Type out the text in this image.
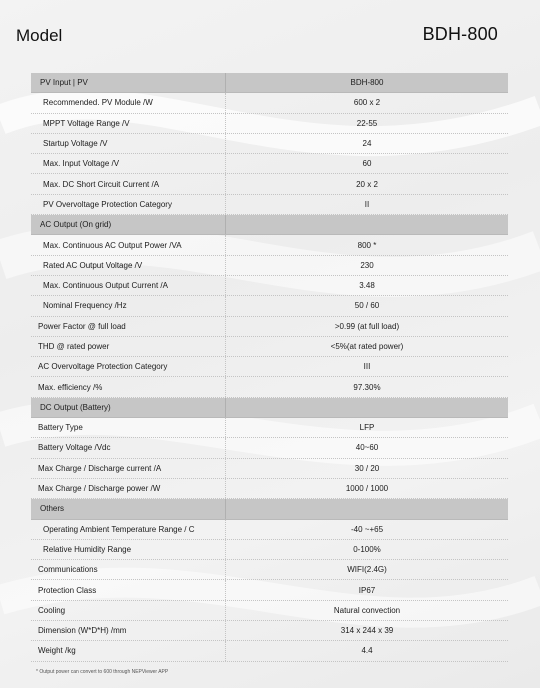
Model	BDH-800
PV Input | PV	BDH-800
Recommended. PV Module /W	600 x 2
MPPT Voltage Range /V	22-55
Startup Voltage /V	24
Max. Input Voltage /V	60
Max. DC Short Circuit Current /A	20 x 2
PV Overvoltage Protection Category	II
AC Output (On grid)
Max. Continuous AC Output Power /VA	800 *
Rated AC Output Voltage /V	230
Max. Continuous Output Current /A	3.48
Nominal Frequency /Hz	50 / 60
Power Factor @ full load	>0.99 (at full load)
THD @ rated power	<5%(at rated power)
AC Overvoltage Protection Category	III
Max. efficiency /%	97.30%
DC Output (Battery)
Battery Type	LFP
Battery Voltage /Vdc	40~60
Max Charge / Discharge current /A	30 / 20
Max Charge / Discharge power /W	1000 / 1000
Others
Operating Ambient Temperature Range / C	-40 ~+65
Relative Humidity Range	0-100%
Communications	WIFI(2.4G)
Protection Class	IP67
Cooling	Natural convection
Dimension (W*D*H) /mm	314 x 244 x 39
Weight /kg	4.4
* Output power can convert to 600 through NEPViewer APP
